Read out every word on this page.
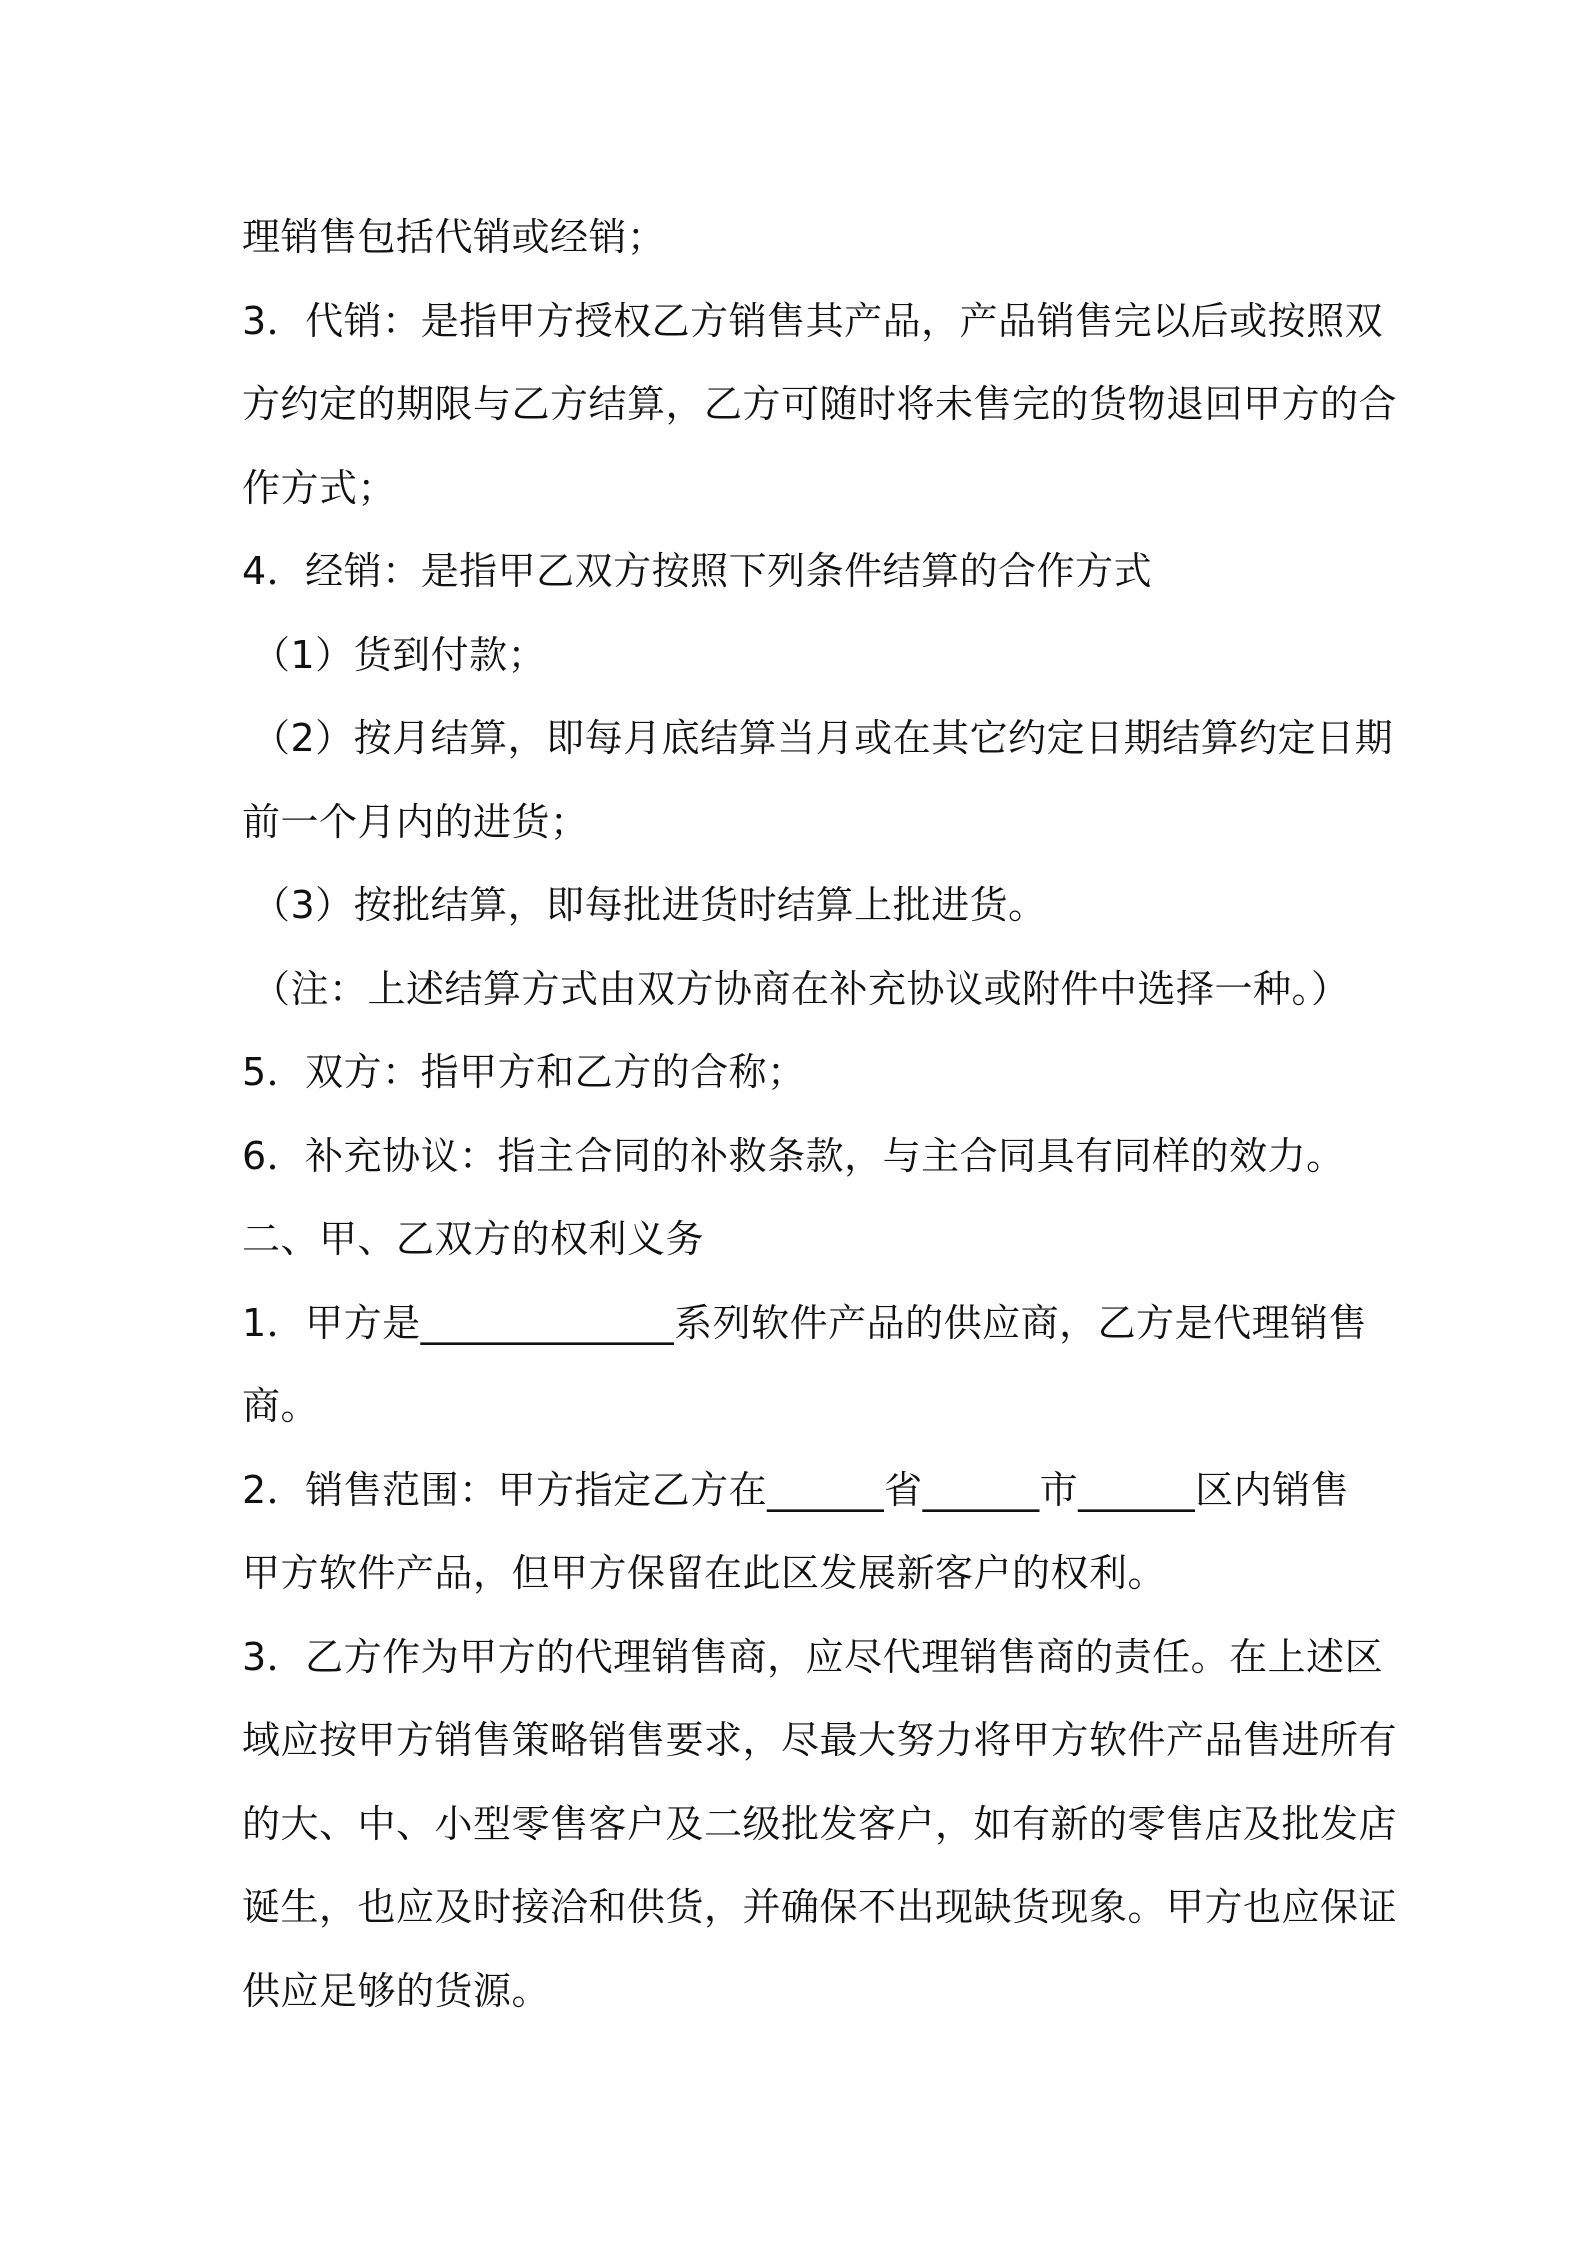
理销售包括代销或经销；
3．代销：是指甲方授权乙方销售其产品，产品销售完以后或按照双
方约定的期限与乙方结算，乙方可随时将未售完的货物退回甲方的合
作方式；
4．经销：是指甲乙双方按照下列条件结算的合作方式
（1）货到付款；
（2）按月结算，即每月底结算当月或在其它约定日期结算约定日期
前一个月内的进货；
（3）按批结算，即每批进货时结算上批进货。
（注：上述结算方式由双方协商在补充协议或附件中选择一种。）
5．双方：指甲方和乙方的合称；
6．补充协议：指主合同的补救条款，与主合同具有同样的效力。
二、甲、乙双方的权利义务
1．甲方是_____________系列软件产品的供应商，乙方是代理销售
商。
2．销售范围：甲方指定乙方在______省______市______区内销售
甲方软件产品，但甲方保留在此区发展新客户的权利。
3．乙方作为甲方的代理销售商，应尽代理销售商的责任。在上述区
域应按甲方销售策略销售要求，尽最大努力将甲方软件产品售进所有
的大、中、小型零售客户及二级批发客户，如有新的零售店及批发店
诞生，也应及时接洽和供货，并确保不出现缺货现象。甲方也应保证
供应足够的货源。
